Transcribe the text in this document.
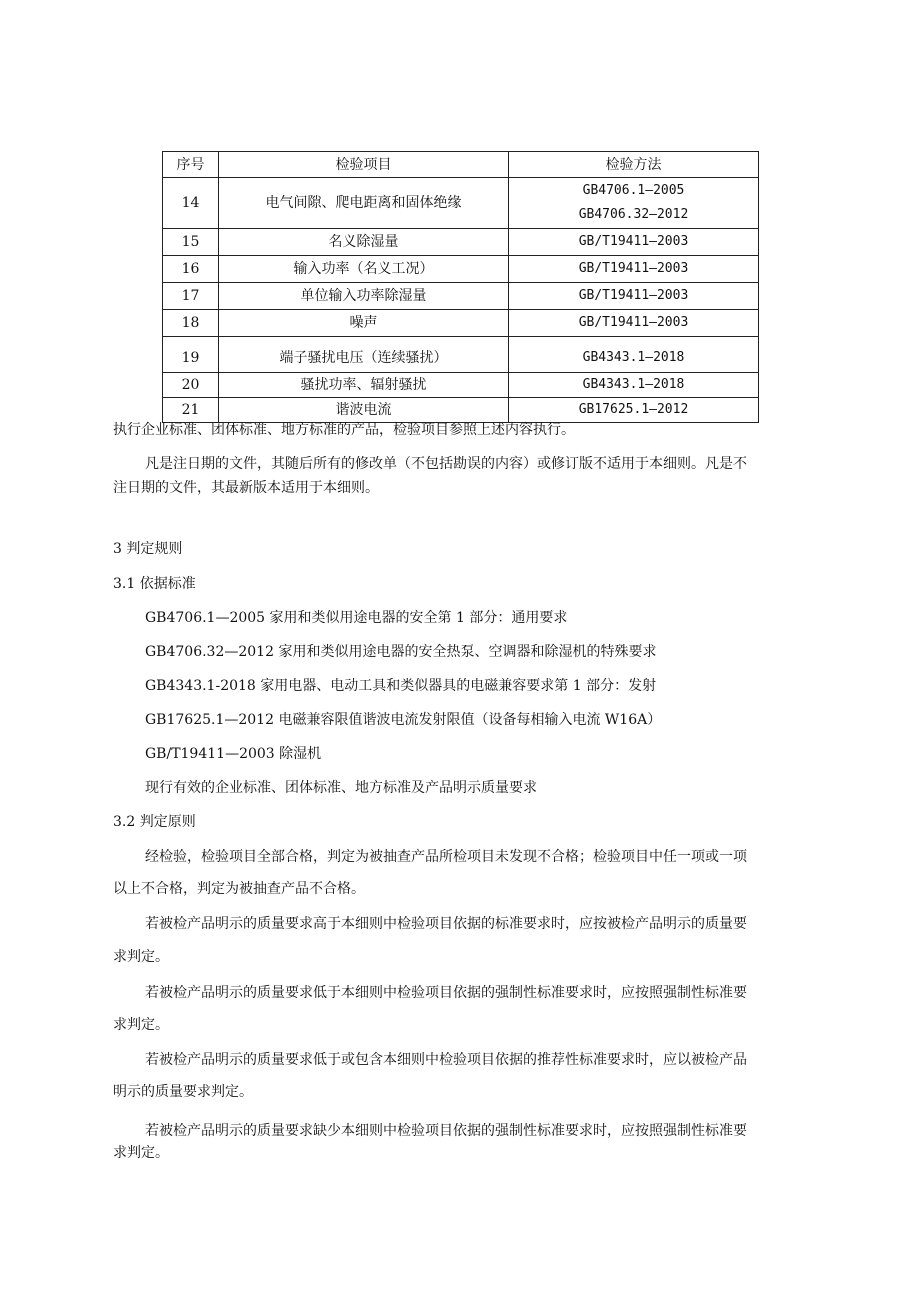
序号	检验项目	检验方法
14	电气间隙、爬电距离和固体绝缘	GB4706.1—2005
GB4706.32—2012

15	名义除湿量	GB/T19411—2003
16	输入功率（名义工况）	GB/T19411—2003
17	单位输入功率除湿量	GB/T19411—2003
18	噪声	GB/T19411—2003
19	端子骚扰电压（连续骚扰）	GB4343.1—2018
20	骚扰功率、辐射骚扰	GB4343.1—2018
21	谐波电流	GB17625.1—2012
执行企业标准、团体标准、地方标准的产品，检验项目参照上述内容执行。
凡是注日期的文件，其随后所有的修改单（不包括勘误的内容）或修订版不适用于本细则。凡是不
注日期的文件，其最新版本适用于本细则。
3 判定规则
3.1 依据标准
GB4706.1—2005 家用和类似用途电器的安全第 1 部分：通用要求
GB4706.32—2012 家用和类似用途电器的安全热泵、空调器和除湿机的特殊要求
GB4343.1-2018 家用电器、电动工具和类似器具的电磁兼容要求第 1 部分：发射
GB17625.1—2012 电磁兼容限值谐波电流发射限值（设备每相输入电流 W16A）
GB/T19411—2003 除湿机
现行有效的企业标准、团体标准、地方标准及产品明示质量要求
3.2 判定原则
经检验，检验项目全部合格，判定为被抽查产品所检项目未发现不合格；检验项目中任一项或一项
以上不合格，判定为被抽查产品不合格。
若被检产品明示的质量要求高于本细则中检验项目依据的标准要求时，应按被检产品明示的质量要
求判定。
若被检产品明示的质量要求低于本细则中检验项目依据的强制性标准要求时，应按照强制性标准要
求判定。
若被检产品明示的质量要求低于或包含本细则中检验项目依据的推荐性标准要求时，应以被检产品
明示的质量要求判定。
若被检产品明示的质量要求缺少本细则中检验项目依据的强制性标准要求时，应按照强制性标准要
求判定。
